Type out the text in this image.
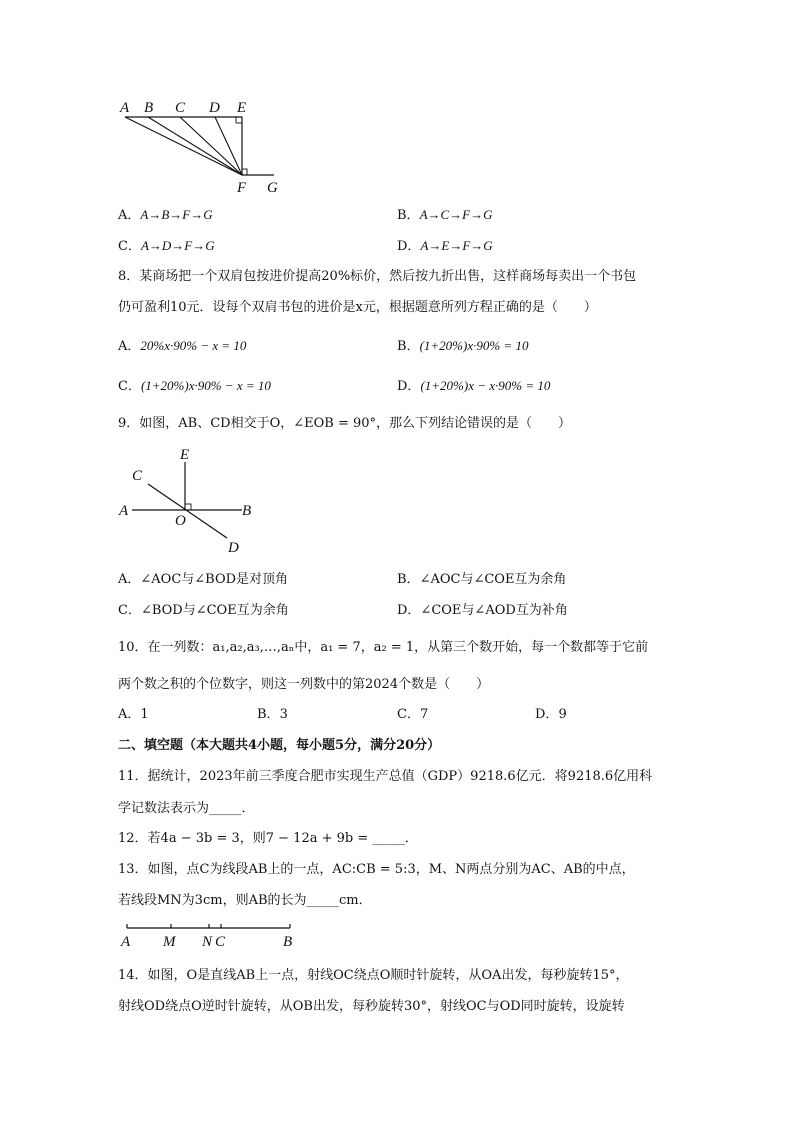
A B C D E
F G
A．A→B→F→G	B．A→C→F→G
C．A→D→F→G	D．A→E→F→G
8．某商场把一个双肩包按进价提高20%标价，然后按九折出售，这样商场每卖出一个书包
仍可盈利10元．设每个双肩书包的进价是x元，根据题意所列方程正确的是（　　）
A．20%x·90% − x = 10	B．(1+20%)x·90% = 10
C．(1+20%)x·90% − x = 10	D．(1+20%)x − x·90% = 10
9．如图，AB、CD相交于O，∠EOB = 90°，那么下列结论错误的是（　　）
E
C
A
O
B
D
A．∠AOC与∠BOD是对顶角	B．∠AOC与∠COE互为余角
C．∠BOD与∠COE互为余角	D．∠COE与∠AOD互为补角
10．在一列数：a₁,a₂,a₃,…,aₙ中，a₁ = 7，a₂ = 1，从第三个数开始，每一个数都等于它前
两个数之积的个位数字，则这一列数中的第2024个数是（　　）
A．1	B．3	C．7	D．9
二、填空题（本大题共4小题，每小题5分，满分20分）
11．据统计，2023年前三季度合肥市实现生产总值（GDP）9218.6亿元．将9218.6亿用科
学记数法表示为_____．
12．若4a − 3b = 3，则7 − 12a + 9b = _____．
13．如图，点C为线段AB上的一点，AC:CB = 5:3，M、N两点分别为AC、AB的中点，
若线段MN为3cm，则AB的长为_____cm．
A M N C	B
14．如图，O是直线AB上一点，射线OC绕点O顺时针旋转，从OA出发，每秒旋转15°，
射线OD绕点O逆时针旋转，从OB出发，每秒旋转30°，射线OC与OD同时旋转，设旋转
